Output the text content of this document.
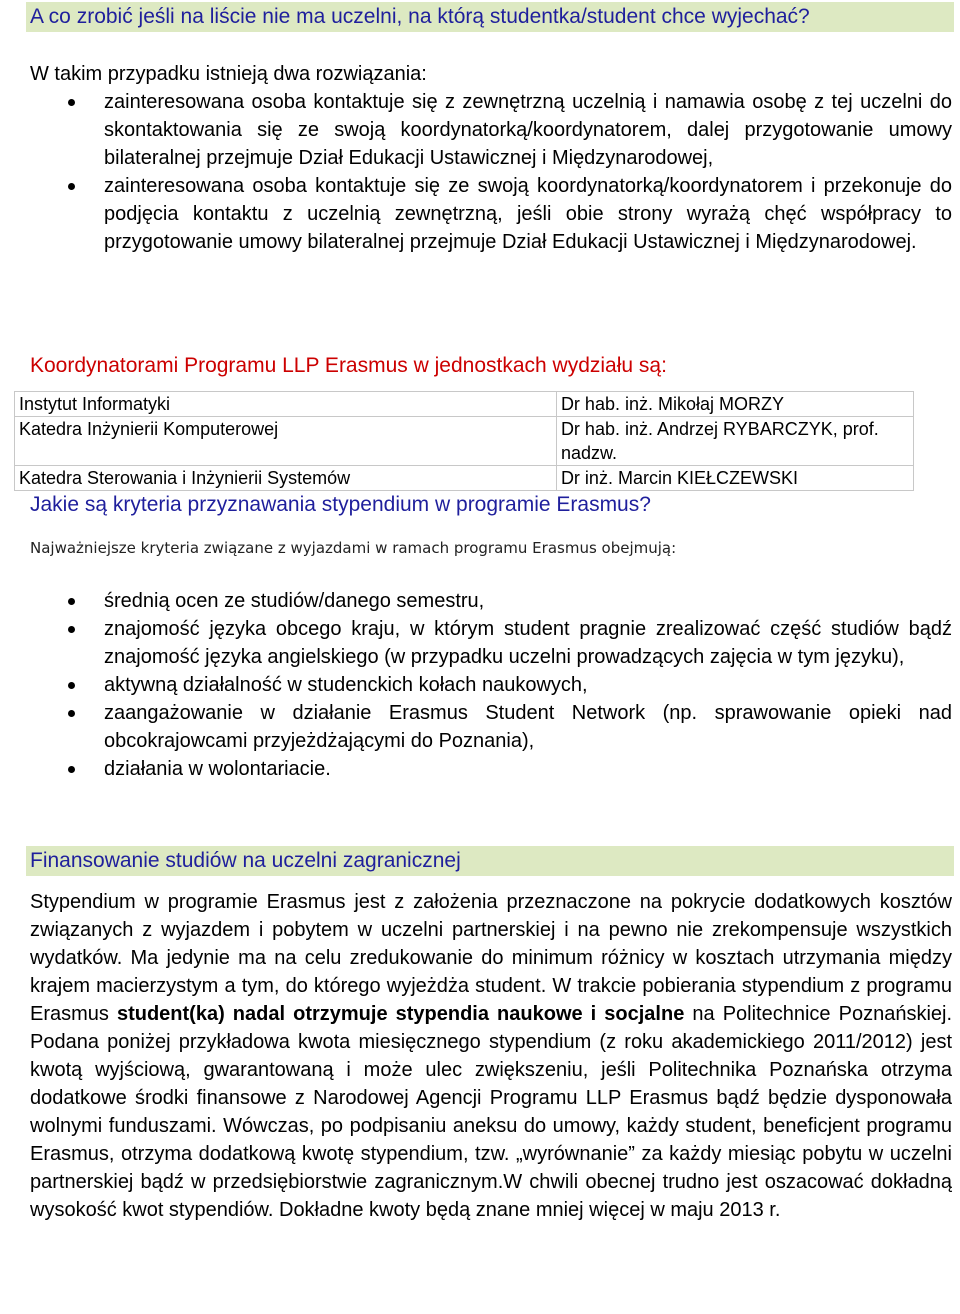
A co zrobić jeśli na liście nie ma uczelni, na którą studentka/student chce wyjechać?
W takim przypadku istnieją dwa rozwiązania:
zainteresowana osoba kontaktuje się z zewnętrzną uczelnią i namawia osobę z tej uczelni do skontaktowania się ze swoją koordynatorką/koordynatorem, dalej przygotowanie umowy bilateralnej przejmuje Dział Edukacji Ustawicznej i Międzynarodowej,
zainteresowana osoba kontaktuje się ze swoją koordynatorką/koordynatorem i przekonuje do podjęcia kontaktu z uczelnią zewnętrzną, jeśli obie strony wyrażą chęć współpracy to przygotowanie umowy bilateralnej przejmuje Dział Edukacji Ustawicznej i Międzynarodowej.
Koordynatorami Programu LLP Erasmus w jednostkach wydziału są:
Instytut Informatyki	Dr hab. inż. Mikołaj MORZY
Katedra Inżynierii Komputerowej	Dr hab. inż. Andrzej RYBARCZYK, prof. nadzw.
Katedra Sterowania i Inżynierii Systemów	Dr inż. Marcin KIEŁCZEWSKI
Jakie są kryteria przyznawania stypendium w programie Erasmus?
Najważniejsze kryteria związane z wyjazdami w ramach programu Erasmus obejmują:
średnią ocen ze studiów/danego semestru,
znajomość języka obcego kraju, w którym student pragnie zrealizować część studiów bądź znajomość języka angielskiego (w przypadku uczelni prowadzących zajęcia w tym języku),
aktywną działalność w studenckich kołach naukowych,
zaangażowanie w działanie Erasmus Student Network (np. sprawowanie opieki nad obcokrajowcami przyjeżdżającymi do Poznania),
działania w wolontariacie.
Finansowanie studiów na uczelni zagranicznej
Stypendium w programie Erasmus jest z założenia przeznaczone na pokrycie dodatkowych kosztów związanych z wyjazdem i pobytem w uczelni partnerskiej i na pewno nie zrekompensuje wszystkich wydatków. Ma jedynie ma na celu zredukowanie do minimum różnicy w kosztach utrzymania między krajem macierzystym a tym, do którego wyjeżdża student. W trakcie pobierania stypendium z programu Erasmus student(ka) nadal otrzymuje stypendia naukowe i socjalne na Politechnice Poznańskiej. Podana poniżej przykładowa kwota miesięcznego stypendium (z roku akademickiego 2011/2012) jest kwotą wyjściową, gwarantowaną i może ulec zwiększeniu, jeśli Politechnika Poznańska otrzyma dodatkowe środki finansowe z Narodowej Agencji Programu LLP Erasmus bądź będzie dysponowała wolnymi funduszami. Wówczas, po podpisaniu aneksu do umowy, każdy student, beneficjent programu Erasmus, otrzyma dodatkową kwotę stypendium, tzw. „wyrównanie” za każdy miesiąc pobytu w uczelni partnerskiej bądź w przedsiębiorstwie zagranicznym.W chwili obecnej trudno jest oszacować dokładną wysokość kwot stypendiów. Dokładne kwoty będą znane mniej więcej w maju 2013 r.
